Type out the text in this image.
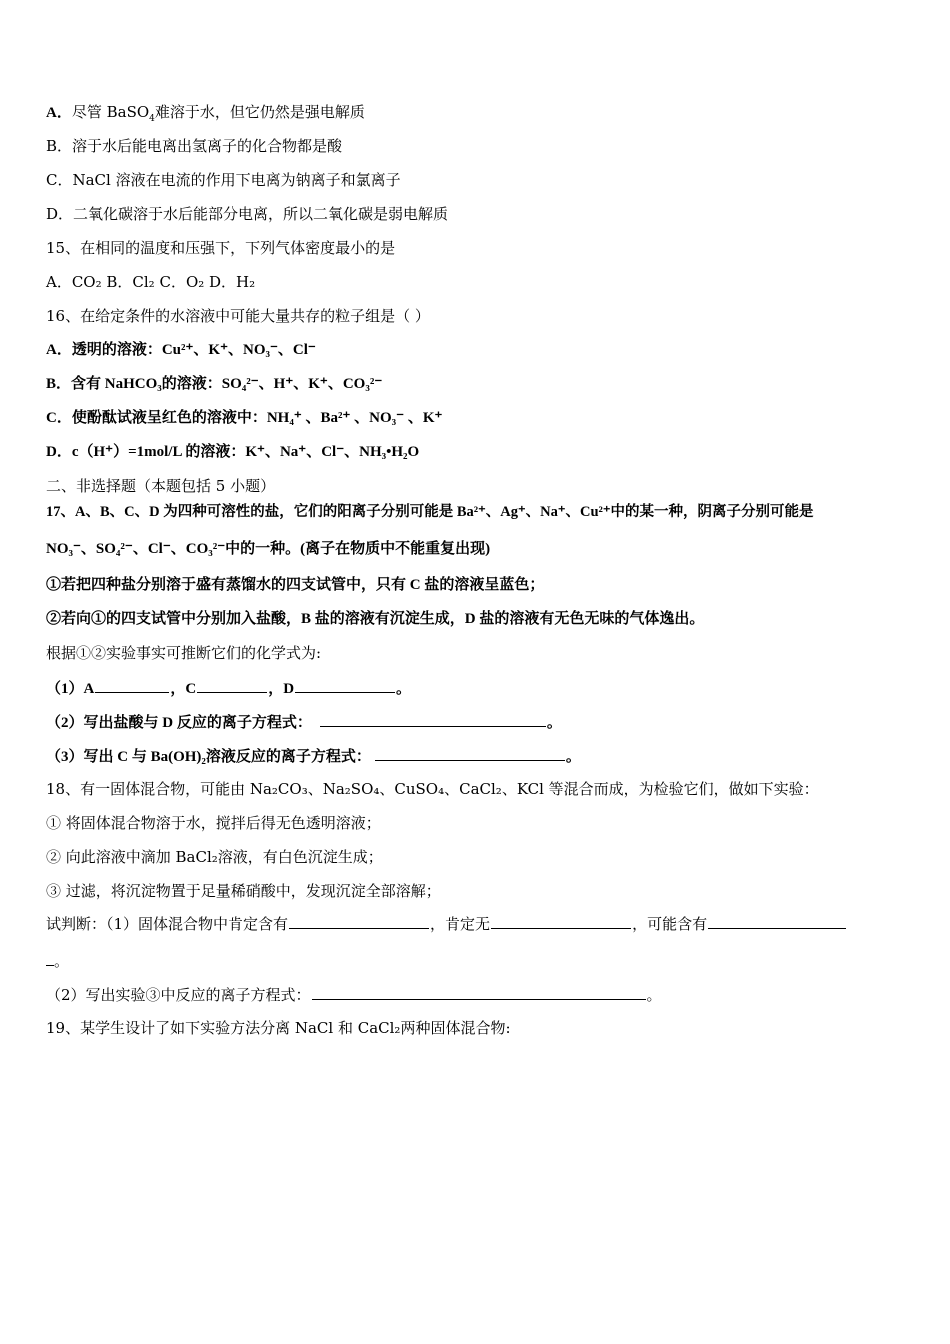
A．尽管 BaSO$_4$难溶于水，但它仍然是强电解质
B．溶于水后能电离出氢离子的化合物都是酸
C．NaCl 溶液在电流的作用下电离为钠离子和氯离子
D．二氧化碳溶于水后能部分电离，所以二氧化碳是弱电解质
15、在相同的温度和压强下，下列气体密度最小的是
A．CO₂ B．Cl₂ C．O₂ D．H₂
16、在给定条件的水溶液中可能大量共存的粒子组是（ ）
A．透明的溶液：Cu²⁺、K⁺、NO₃⁻、Cl⁻
B．含有 NaHCO₃的溶液：SO₄²⁻、H⁺、K⁺、CO₃²⁻
C．使酚酞试液呈红色的溶液中：NH₄⁺ 、Ba²⁺ 、NO₃⁻ 、K⁺
D．c（H⁺）=1mol/L 的溶液：K⁺、Na⁺、Cl⁻、NH₃•H₂O
二、非选择题（本题包括 5 小题）
17、A、B、C、D 为四种可溶性的盐，它们的阳离子分别可能是 Ba²⁺、Ag⁺、Na⁺、Cu²⁺中的某一种，阴离子分别可能是
NO₃⁻、SO₄²⁻、Cl⁻、CO₃²⁻中的一种。(离子在物质中不能重复出现)
①若把四种盐分别溶于盛有蒸馏水的四支试管中，只有 C 盐的溶液呈蓝色；
②若向①的四支试管中分别加入盐酸，B 盐的溶液有沉淀生成，D 盐的溶液有无色无味的气体逸出。
根据①②实验事实可推断它们的化学式为:
（1）A	，C	，D	。
（2）写出盐酸与 D 反应的离子方程式：	。
（3）写出 C 与 Ba(OH)₂溶液反应的离子方程式：	。
18、有一固体混合物，可能由 Na₂CO₃、Na₂SO₄、CuSO₄、CaCl₂、KCl 等混合而成，为检验它们，做如下实验：
① 将固体混合物溶于水，搅拌后得无色透明溶液；
② 向此溶液中滴加 BaCl₂溶液，有白色沉淀生成；
③ 过滤，将沉淀物置于足量稀硝酸中，发现沉淀全部溶解；
试判断：（1）固体混合物中肯定含有	，肯定无	，可能含有
。
（2）写出实验③中反应的离子方程式：	。
19、某学生设计了如下实验方法分离 NaCl 和 CaCl₂两种固体混合物:
